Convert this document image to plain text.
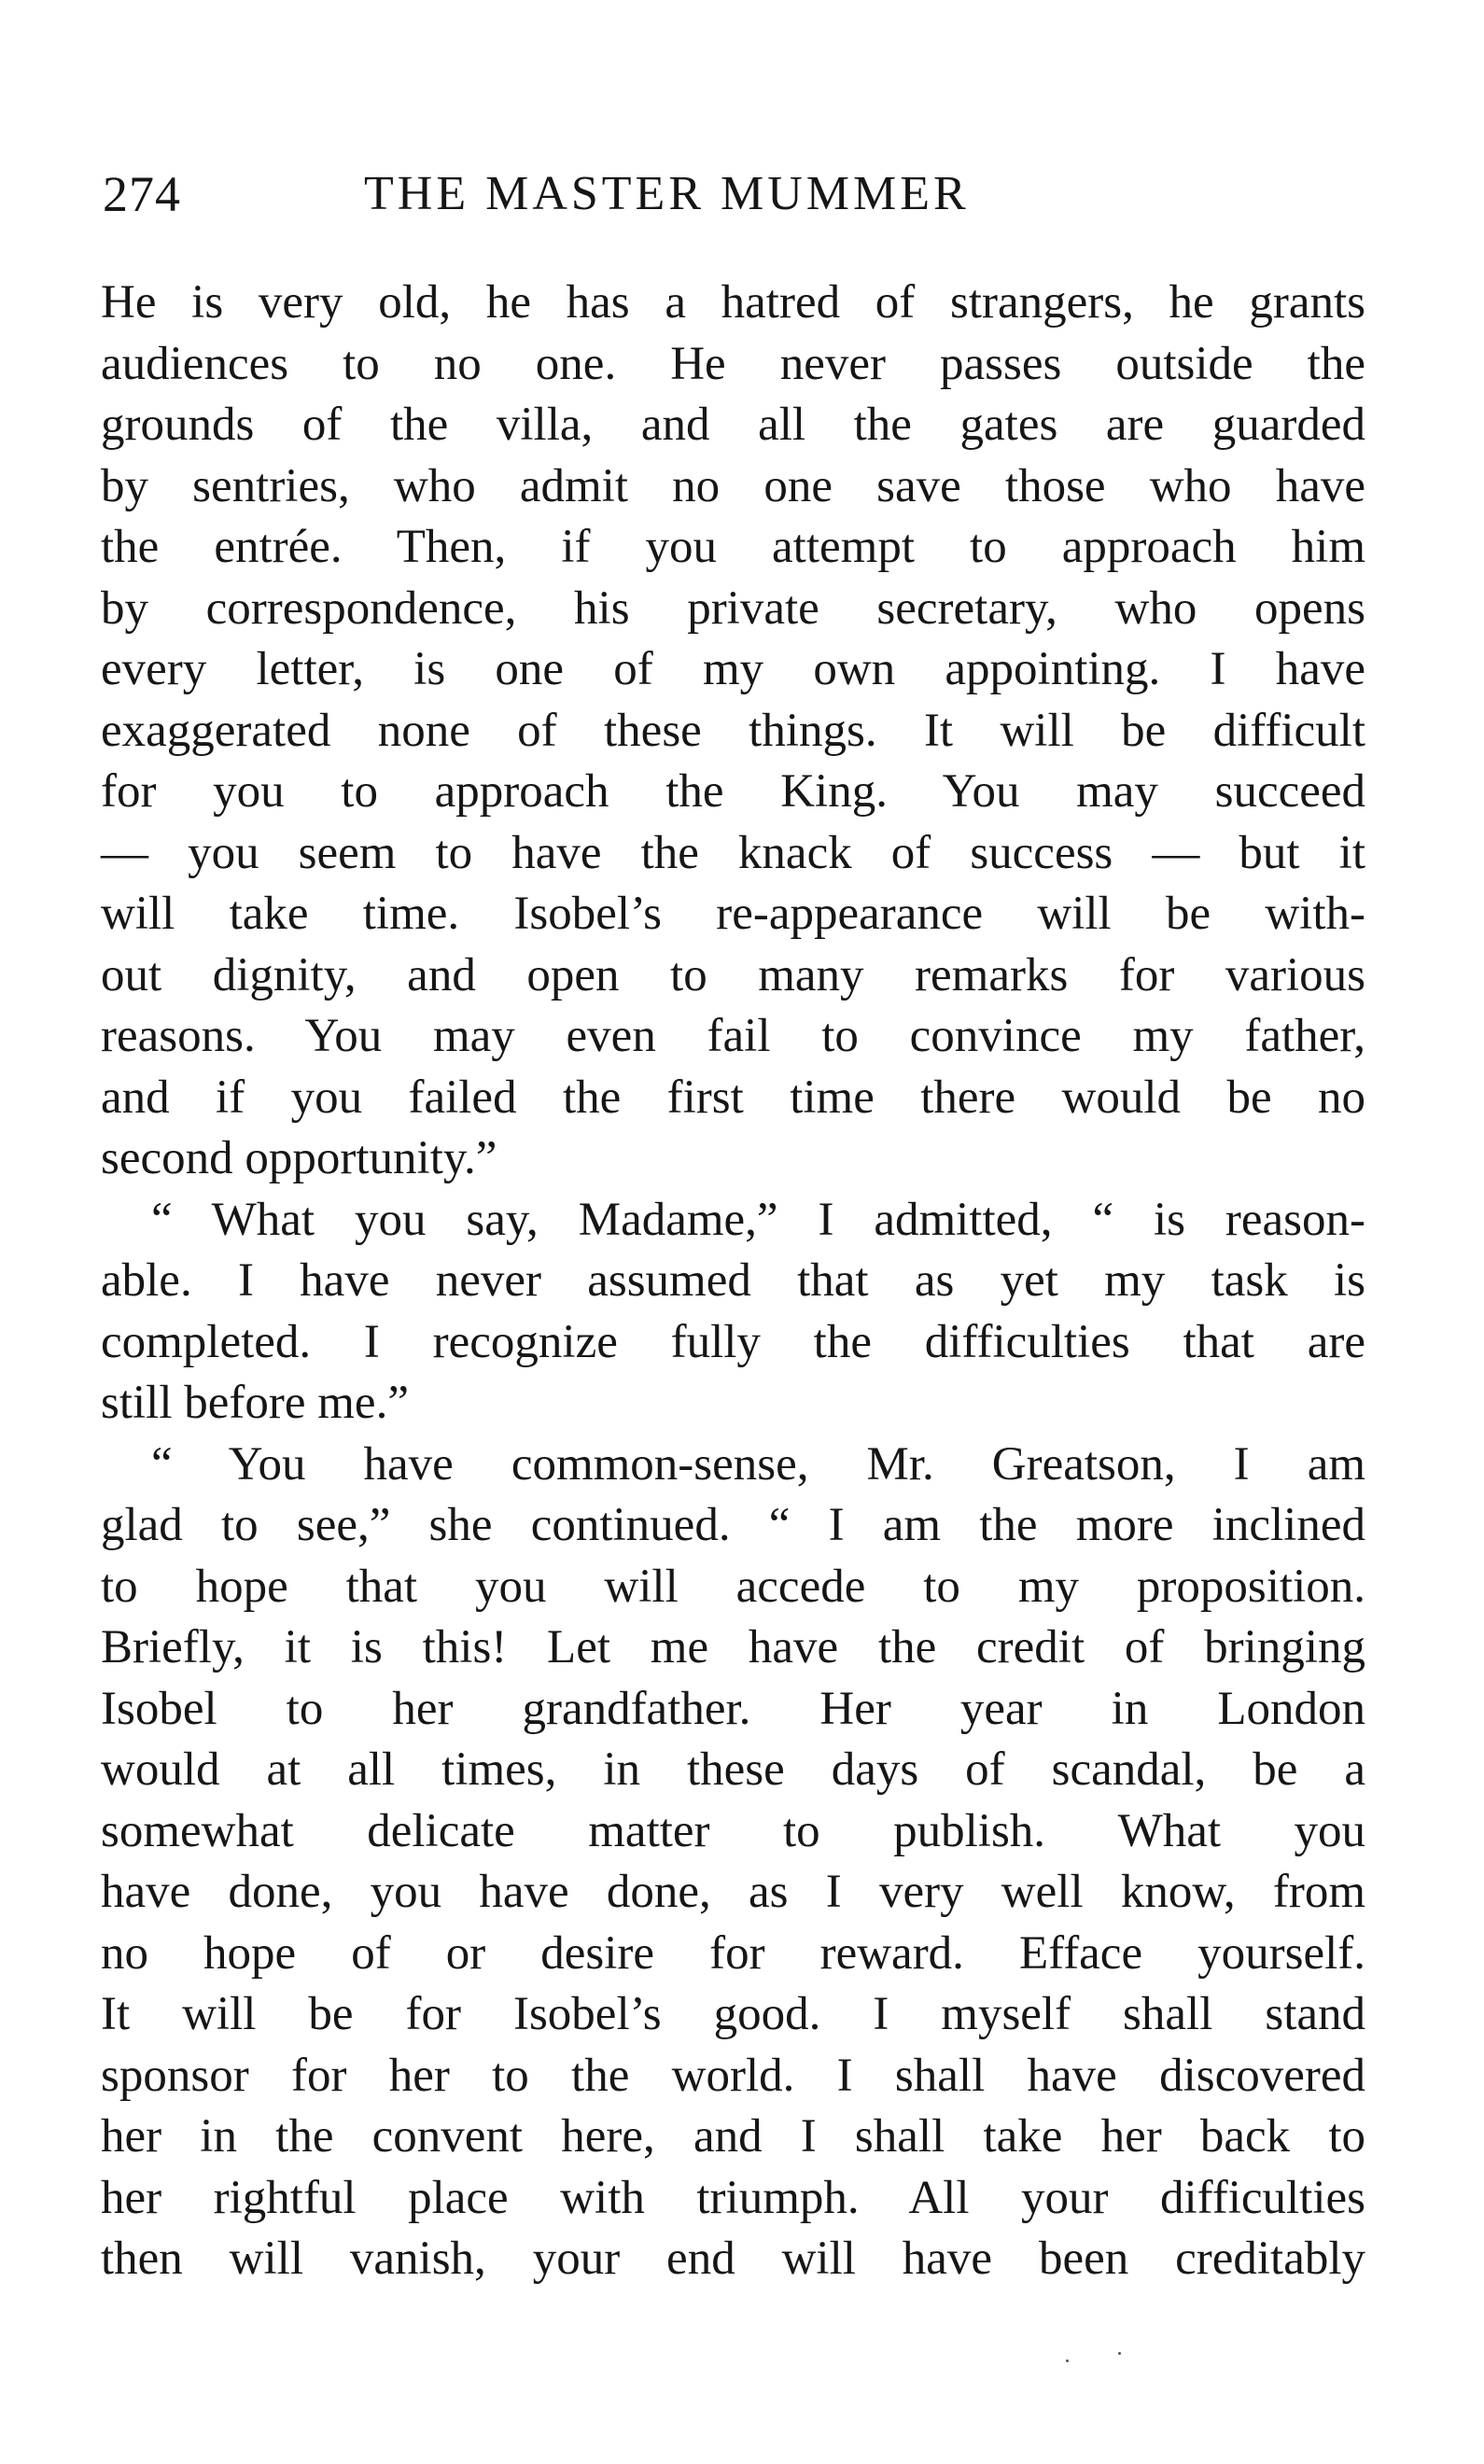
274	THE MASTER MUMMER
He is very old, he has a hatred of strangers, he grants
audiences to no one. He never passes outside the
grounds of the villa, and all the gates are guarded
by sentries, who admit no one save those who have
the entrée. Then, if you attempt to approach him
by correspondence, his private secretary, who opens
every letter, is one of my own appointing. I have
exaggerated none of these things. It will be difficult
for you to approach the King. You may succeed
— you seem to have the knack of success — but it
will take time. Isobel’s re-appearance will be with-
out dignity, and open to many remarks for various
reasons. You may even fail to convince my father,
and if you failed the first time there would be no
second opportunity.”
“ What you say, Madame,” I admitted, “ is reason-
able. I have never assumed that as yet my task is
completed. I recognize fully the difficulties that are
still before me.”
“ You have common-sense, Mr. Greatson, I am
glad to see,” she continued. “ I am the more inclined
to hope that you will accede to my proposition.
Briefly, it is this! Let me have the credit of bringing
Isobel to her grandfather. Her year in London
would at all times, in these days of scandal, be a
somewhat delicate matter to publish. What you
have done, you have done, as I very well know, from
no hope of or desire for reward. Efface yourself.
It will be for Isobel’s good. I myself shall stand
sponsor for her to the world. I shall have discovered
her in the convent here, and I shall take her back to
her rightful place with triumph. All your difficulties
then will vanish, your end will have been creditably
